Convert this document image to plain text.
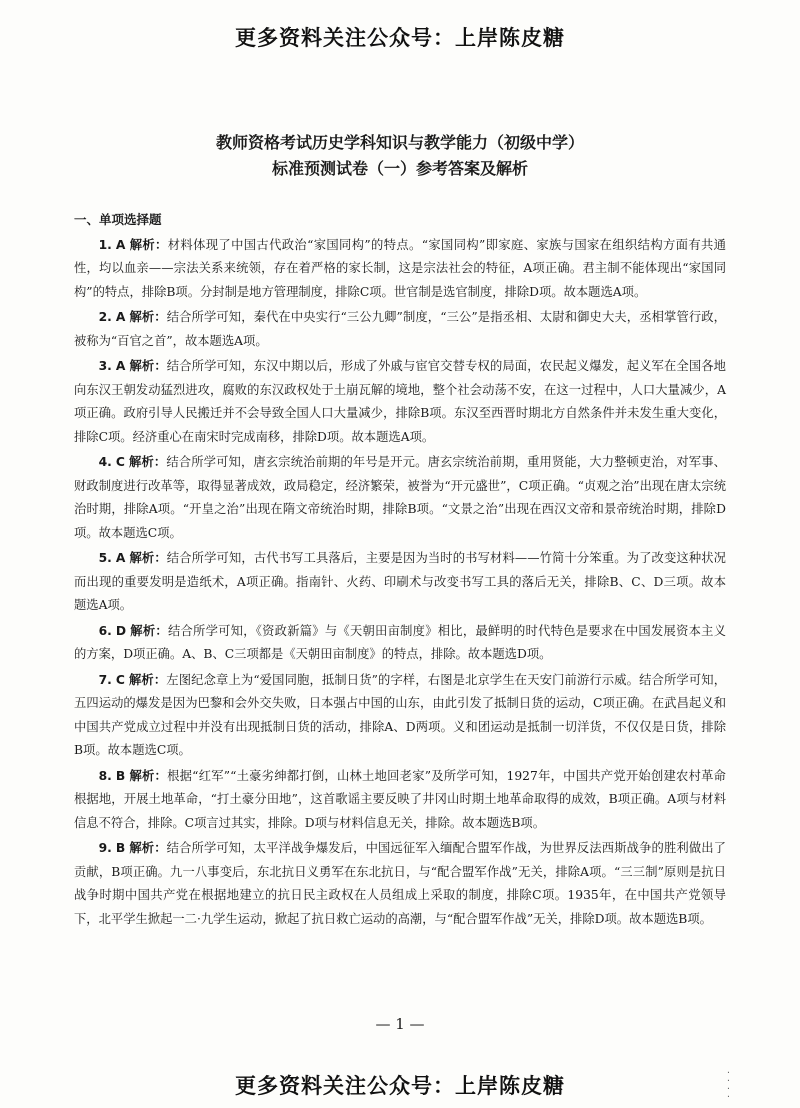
更多资料关注公众号：上岸陈皮糖
教师资格考试历史学科知识与教学能力（初级中学）
标准预测试卷（一）参考答案及解析
一、单项选择题
1. A 解析：材料体现了中国古代政治“家国同构”的特点。“家国同构”即家庭、家族与国家在组织结构方面有共通性，均以血亲——宗法关系来统领，存在着严格的家长制，这是宗法社会的特征，A项正确。君主制不能体现出“家国同构”的特点，排除B项。分封制是地方管理制度，排除C项。世官制是选官制度，排除D项。故本题选A项。
2. A 解析：结合所学可知，秦代在中央实行“三公九卿”制度，“三公”是指丞相、太尉和御史大夫，丞相掌管行政，被称为“百官之首”，故本题选A项。
3. A 解析：结合所学可知，东汉中期以后，形成了外戚与宦官交替专权的局面，农民起义爆发，起义军在全国各地向东汉王朝发动猛烈进攻，腐败的东汉政权处于土崩瓦解的境地，整个社会动荡不安，在这一过程中，人口大量减少，A项正确。政府引导人民搬迁并不会导致全国人口大量减少，排除B项。东汉至西晋时期北方自然条件并未发生重大变化，排除C项。经济重心在南宋时完成南移，排除D项。故本题选A项。
4. C 解析：结合所学可知，唐玄宗统治前期的年号是开元。唐玄宗统治前期，重用贤能，大力整顿吏治，对军事、财政制度进行改革等，取得显著成效，政局稳定，经济繁荣，被誉为“开元盛世”，C项正确。“贞观之治”出现在唐太宗统治时期，排除A项。“开皇之治”出现在隋文帝统治时期，排除B项。“文景之治”出现在西汉文帝和景帝统治时期，排除D项。故本题选C项。
5. A 解析：结合所学可知，古代书写工具落后，主要是因为当时的书写材料——竹简十分笨重。为了改变这种状况而出现的重要发明是造纸术，A项正确。指南针、火药、印刷术与改变书写工具的落后无关，排除B、C、D三项。故本题选A项。
6. D 解析：结合所学可知，《资政新篇》与《天朝田亩制度》相比，最鲜明的时代特色是要求在中国发展资本主义的方案，D项正确。A、B、C三项都是《天朝田亩制度》的特点，排除。故本题选D项。
7. C 解析：左图纪念章上为“爱国同胞，抵制日货”的字样，右图是北京学生在天安门前游行示威。结合所学可知，五四运动的爆发是因为巴黎和会外交失败，日本强占中国的山东，由此引发了抵制日货的运动，C项正确。在武昌起义和中国共产党成立过程中并没有出现抵制日货的活动，排除A、D两项。义和团运动是抵制一切洋货，不仅仅是日货，排除B项。故本题选C项。
8. B 解析：根据“红军”“土豪劣绅都打倒，山林土地回老家”及所学可知，1927年，中国共产党开始创建农村革命根据地，开展土地革命，“打土豪分田地”，这首歌谣主要反映了井冈山时期土地革命取得的成效，B项正确。A项与材料信息不符合，排除。C项言过其实，排除。D项与材料信息无关，排除。故本题选B项。
9. B 解析：结合所学可知，太平洋战争爆发后，中国远征军入缅配合盟军作战，为世界反法西斯战争的胜利做出了贡献，B项正确。九一八事变后，东北抗日义勇军在东北抗日，与“配合盟军作战”无关，排除A项。“三三制”原则是抗日战争时期中国共产党在根据地建立的抗日民主政权在人员组成上采取的制度，排除C项。1935年，在中国共产党领导下，北平学生掀起一二·九学生运动，掀起了抗日救亡运动的高潮，与“配合盟军作战”无关，排除D项。故本题选B项。
— 1 —
更多资料关注公众号：上岸陈皮糖
·
·
·
·
